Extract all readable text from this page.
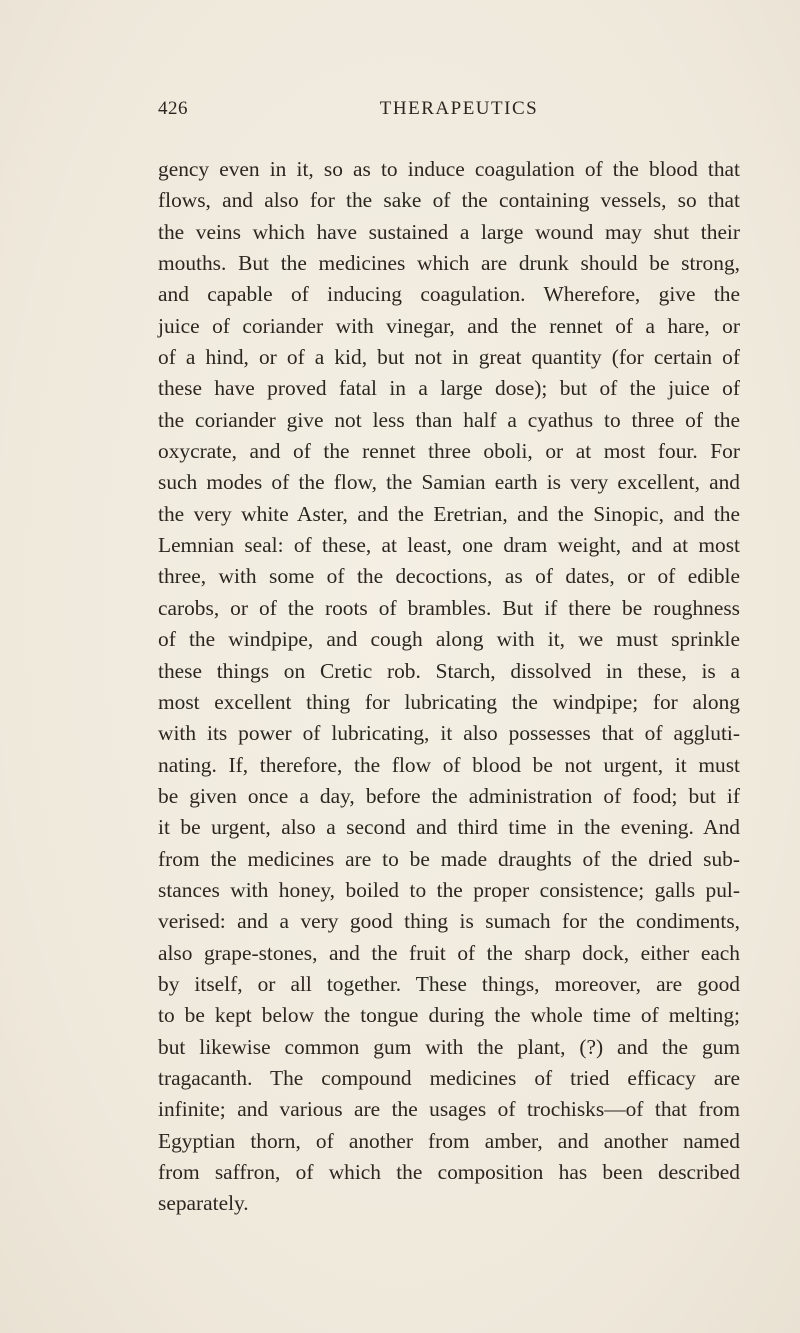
426	THERAPEUTICS
gency even in it, so as to induce coagulation of the blood that
flows, and also for the sake of the containing vessels, so that
the veins which have sustained a large wound may shut their
mouths. But the medicines which are drunk should be strong,
and capable of inducing coagulation. Wherefore, give the
juice of coriander with vinegar, and the rennet of a hare, or
of a hind, or of a kid, but not in great quantity (for certain of
these have proved fatal in a large dose); but of the juice of
the coriander give not less than half a cyathus to three of the
oxycrate, and of the rennet three oboli, or at most four. For
such modes of the flow, the Samian earth is very excellent, and
the very white Aster, and the Eretrian, and the Sinopic, and the
Lemnian seal: of these, at least, one dram weight, and at most
three, with some of the decoctions, as of dates, or of edible
carobs, or of the roots of brambles. But if there be roughness
of the windpipe, and cough along with it, we must sprinkle
these things on Cretic rob. Starch, dissolved in these, is a
most excellent thing for lubricating the windpipe; for along
with its power of lubricating, it also possesses that of aggluti-
nating. If, therefore, the flow of blood be not urgent, it must
be given once a day, before the administration of food; but if
it be urgent, also a second and third time in the evening. And
from the medicines are to be made draughts of the dried sub-
stances with honey, boiled to the proper consistence; galls pul-
verised: and a very good thing is sumach for the condiments,
also grape-stones, and the fruit of the sharp dock, either each
by itself, or all together. These things, moreover, are good
to be kept below the tongue during the whole time of melting;
but likewise common gum with the plant, (?) and the gum
tragacanth. The compound medicines of tried efficacy are
infinite; and various are the usages of trochisks—of that from
Egyptian thorn, of another from amber, and another named
from saffron, of which the composition has been described
separately.
